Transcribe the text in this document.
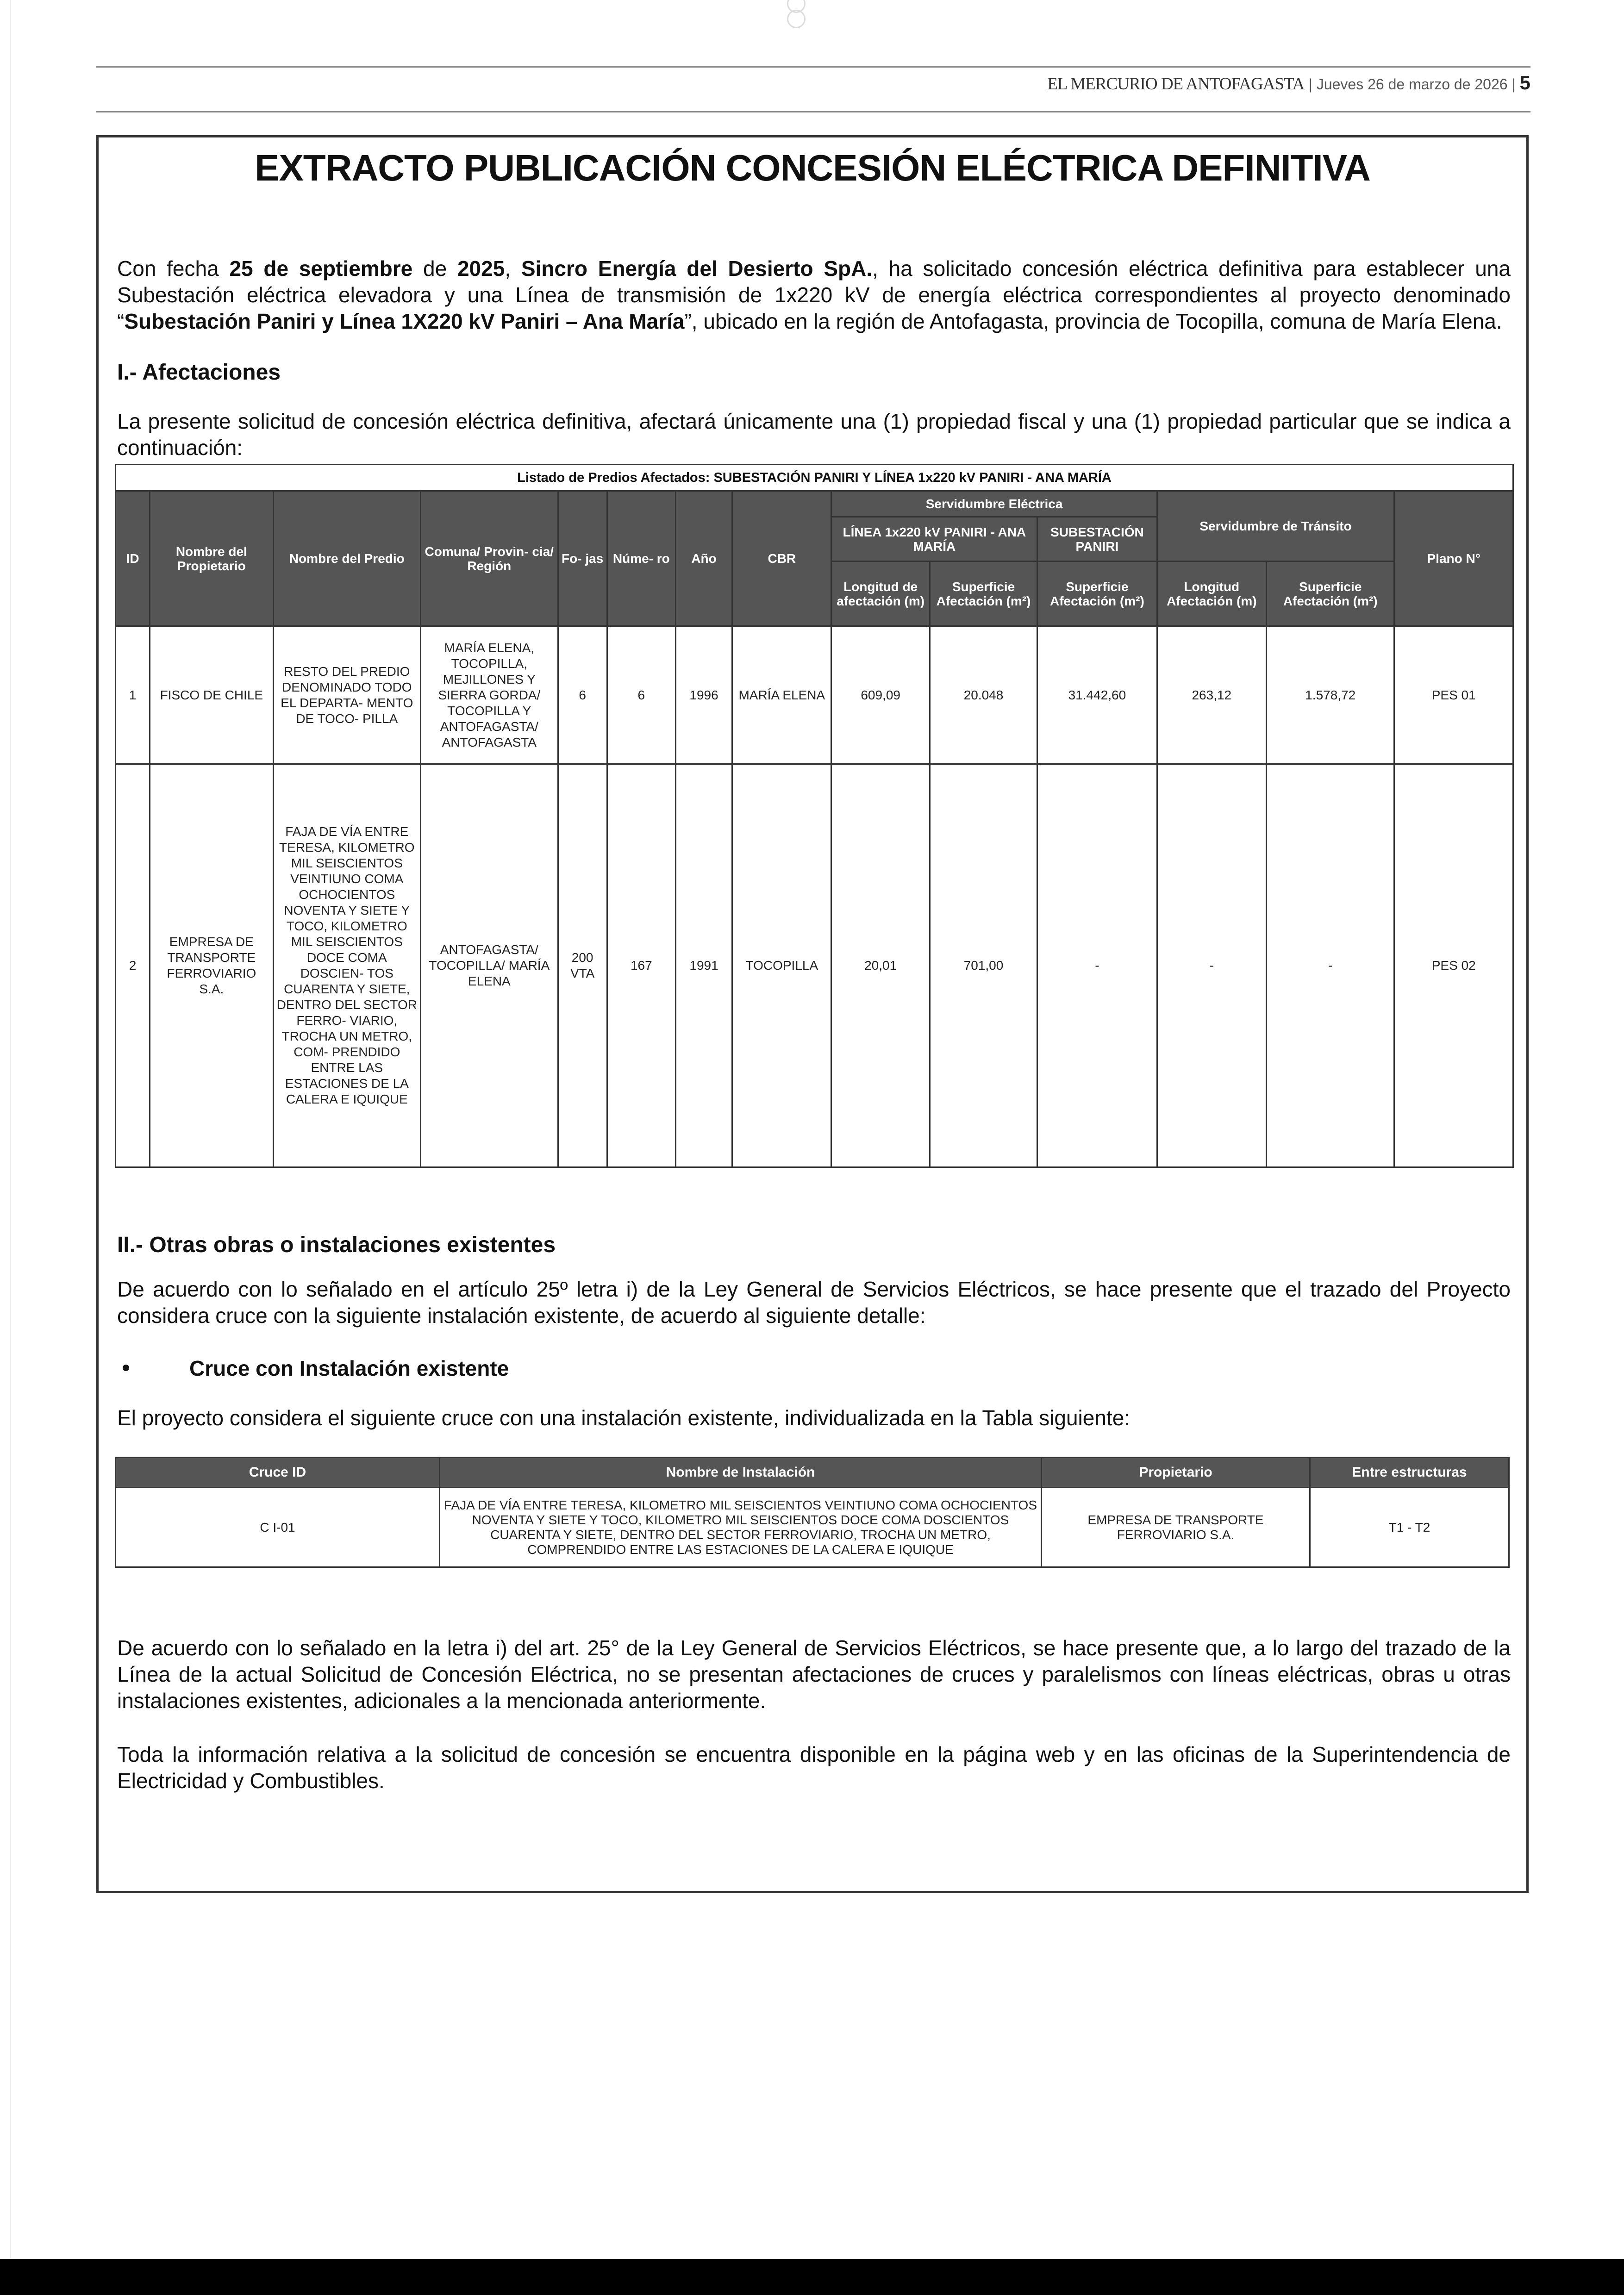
EL MERCURIO DE ANTOFAGASTA | Jueves 26 de marzo de 2026 | 5
EXTRACTO PUBLICACIÓN CONCESIÓN ELÉCTRICA DEFINITIVA
Con fecha 25 de septiembre de 2025, Sincro Energía del Desierto SpA., ha solicitado concesión eléctrica definitiva para establecer una Subestación eléctrica elevadora y una Línea de transmisión de 1x220 kV de energía eléctrica correspondientes al proyecto denominado “Subestación Paniri y Línea 1X220 kV Paniri – Ana María”, ubicado en la región de Antofagasta, provincia de Tocopilla, comuna de María Elena.
I.- Afectaciones
La presente solicitud de concesión eléctrica definitiva, afectará únicamente una (1) propiedad fiscal y una (1) propiedad particular que se indica a continuación:
Listado de Predios Afectados: SUBESTACIÓN PANIRI Y LÍNEA 1x220 kV PANIRI - ANA MARÍA													
ID	Nombre del Propietario	Nombre del Predio	Comuna/ Provin- cia/ Región	Fo- jas	Núme- ro	Año	CBR	Servidumbre Eléctrica			Servidumbre de Tránsito		Plano N°
								LÍNEA 1x220 kV PANIRI - ANA MARÍA		SUBESTACIÓN PANIRI			
								Longitud de afectación (m)	Superficie Afectación (m²)	Superficie Afectación (m²)	Longitud Afectación (m)	Superficie Afectación (m²)	
1	FISCO DE CHILE	RESTO DEL PREDIO DENOMINADO TODO EL DEPARTA- MENTO DE TOCO- PILLA	MARÍA ELENA, TOCOPILLA, MEJILLONES Y SIERRA GORDA/ TOCOPILLA Y ANTOFAGASTA/ ANTOFAGASTA	6	6	1996	MARÍA ELENA	609,09	20.048	31.442,60	263,12	1.578,72	PES 01
2	EMPRESA DE TRANSPORTE FERROVIARIO S.A.	FAJA DE VÍA ENTRE TERESA, KILOMETRO MIL SEISCIENTOS VEINTIUNO COMA OCHOCIENTOS NOVENTA Y SIETE Y TOCO, KILOMETRO MIL SEISCIENTOS DOCE COMA DOSCIEN- TOS CUARENTA Y SIETE, DENTRO DEL SECTOR FERRO- VIARIO, TROCHA UN METRO, COM- PRENDIDO ENTRE LAS ESTACIONES DE LA CALERA E IQUIQUE	ANTOFAGASTA/ TOCOPILLA/ MARÍA ELENA	200 VTA	167	1991	TOCOPILLA	20,01	701,00	-	-	-	PES 02
II.- Otras obras o instalaciones existentes
De acuerdo con lo señalado en el artículo 25º letra i) de la Ley General de Servicios Eléctricos, se hace presente que el trazado del Proyecto considera cruce con la siguiente instalación existente, de acuerdo al siguiente detalle:
Cruce con Instalación existente
El proyecto considera el siguiente cruce con una instalación existente, individualizada en la Tabla siguiente:
Cruce ID	Nombre de Instalación	Propietario	Entre estructuras
C I-01	FAJA DE VÍA ENTRE TERESA, KILOMETRO MIL SEISCIENTOS VEINTIUNO COMA OCHOCIENTOS NOVENTA Y SIETE Y TOCO, KILOMETRO MIL SEISCIENTOS DOCE COMA DOSCIENTOS CUARENTA Y SIETE, DENTRO DEL SECTOR FERROVIARIO, TROCHA UN METRO, COMPRENDIDO ENTRE LAS ESTACIONES DE LA CALERA E IQUIQUE	EMPRESA DE TRANSPORTE FERROVIARIO S.A.	T1 - T2
De acuerdo con lo señalado en la letra i) del art. 25° de la Ley General de Servicios Eléctricos, se hace presente que, a lo largo del trazado de la Línea de la actual Solicitud de Concesión Eléctrica, no se presentan afectaciones de cruces y paralelismos con líneas eléctricas, obras u otras instalaciones existentes, adicionales a la mencionada anteriormente.
Toda la información relativa a la solicitud de concesión se encuentra disponible en la página web y en las oficinas de la Superintendencia de Electricidad y Combustibles.
